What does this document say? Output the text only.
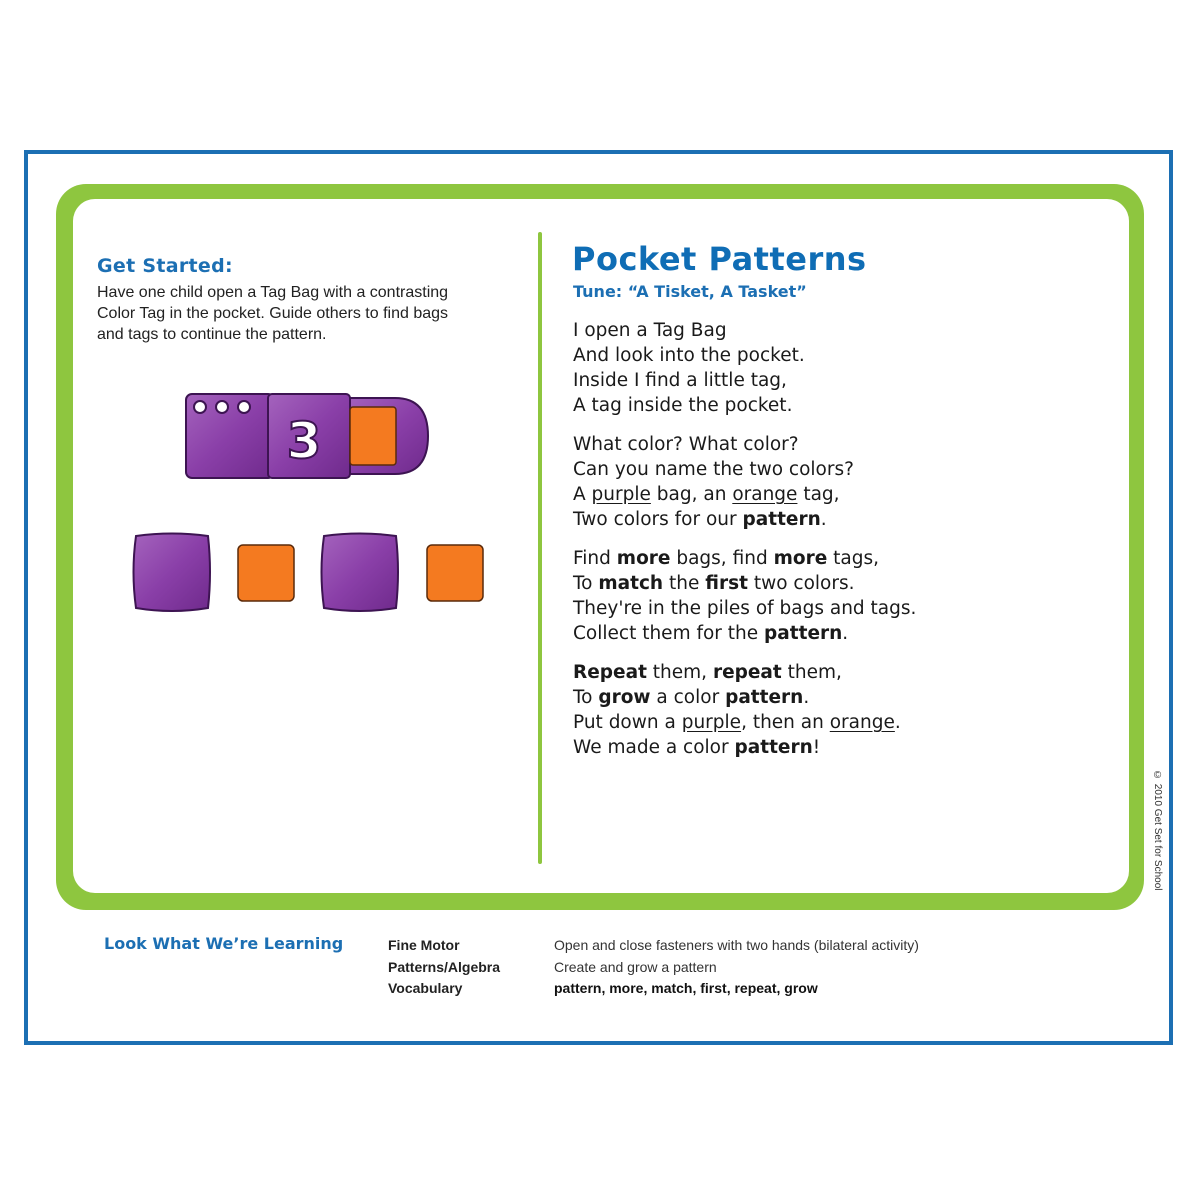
Get Started:
Have one child open a Tag Bag with a contrasting
Color Tag in the pocket. Guide others to find bags
and tags to continue the pattern.
3
Pocket Patterns
Tune: “A Tisket, A Tasket”
I open a Tag Bag
And look into the pocket.
Inside I find a little tag,
A tag inside the pocket.
What color? What color?
Can you name the two colors?
A purple bag, an orange tag,
Two colors for our pattern.
Find more bags, find more tags,
To match the first two colors.
They're in the piles of bags and tags.
Collect them for the pattern.
Repeat them, repeat them,
To grow a color pattern.
Put down a purple, then an orange.
We made a color pattern!
© 2010 Get Set for School
Look What We’re Learning	Fine Motor	Open and close fasteners with two hands (bilateral activity)
Patterns/Algebra	Create and grow a pattern
Vocabulary	pattern, more, match, first, repeat, grow
